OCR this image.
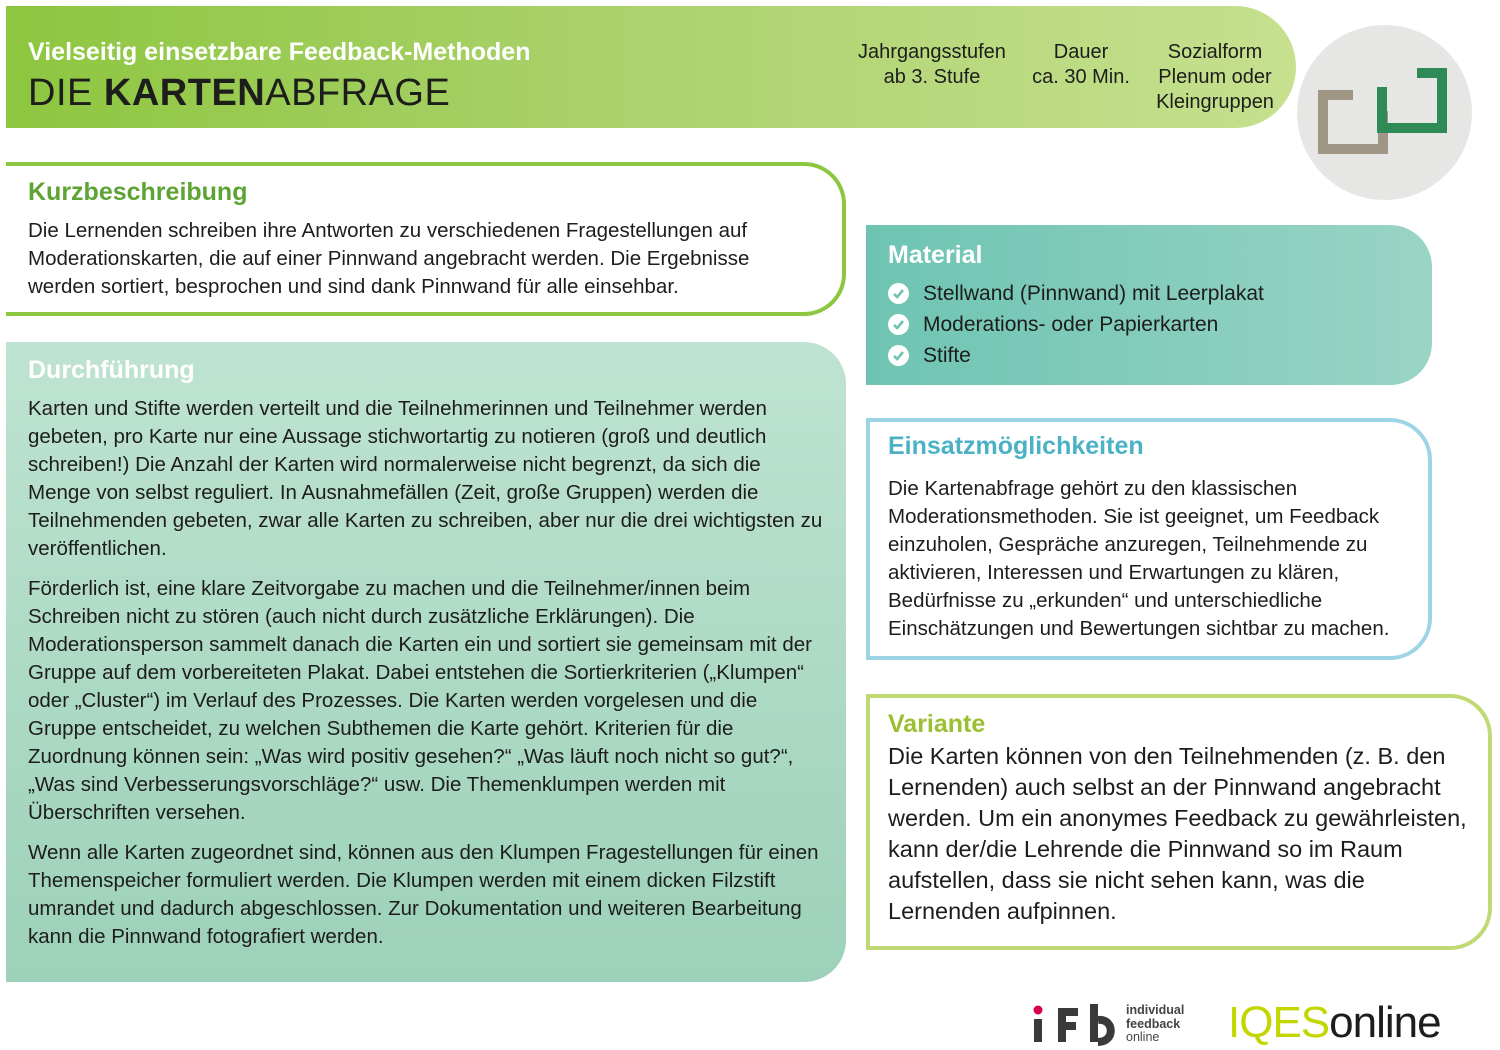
Vielseitig einsetzbare Feedback-Methoden
DIE KARTENABFRAGE
Jahrgangsstufen
ab 3. Stufe
Dauer
ca. 30 Min.
Sozialform
Plenum oder
Kleingruppen
Kurzbeschreibung

Die Lernenden schreiben ihre Antworten zu verschiedenen Fragestellungen auf Moderationskarten, die auf einer Pinnwand angebracht werden. Die Ergebnisse werden sortiert, besprochen und sind dank Pinnwand für alle einsehbar.

Durchführung

Karten und Stifte werden verteilt und die Teilnehmerinnen und Teilnehmer werden gebeten, pro Karte nur eine Aussage stichwortartig zu notieren (groß und deutlich schreiben!) Die Anzahl der Karten wird normalerweise nicht begrenzt, da sich die Menge von selbst reguliert. In Ausnahmefällen (Zeit, große Gruppen) werden die Teilnehmenden gebeten, zwar alle Karten zu schreiben, aber nur die drei wichtigsten zu veröffentlichen.

Förderlich ist, eine klare Zeitvorgabe zu machen und die Teilnehmer/innen beim Schreiben nicht zu stören (auch nicht durch zusätzliche Erklärungen). Die Moderationsperson sammelt danach die Karten ein und sortiert sie gemeinsam mit der Gruppe auf dem vorbereiteten Plakat. Dabei entstehen die Sortierkriterien („Klumpen“ oder „Cluster“) im Verlauf des Prozesses. Die Karten werden vorgelesen und die Gruppe entscheidet, zu welchen Subthemen die Karte gehört. Kriterien für die Zuordnung können sein: „Was wird positiv gesehen?“ „Was läuft noch nicht so gut?“, „Was sind Verbesserungsvorschläge?“ usw. Die Themenklumpen werden mit Überschriften versehen.

Wenn alle Karten zugeordnet sind, können aus den Klumpen Fragestellungen für einen Themenspeicher formuliert werden. Die Klumpen werden mit einem dicken Filzstift umrandet und dadurch abgeschlossen. Zur Dokumentation und weiteren Bearbeitung kann die Pinnwand fotografiert werden.

Material
Stellwand (Pinnwand) mit Leerplakat
Moderations- oder Papierkarten
Stifte
Einsatzmöglichkeiten

Die Kartenabfrage gehört zu den klassischen Moderationsmethoden. Sie ist geeignet, um Feedback einzuholen, Gespräche anzuregen, Teilnehmende zu aktivieren, Interessen und Erwartungen zu klären, Bedürfnisse zu „erkunden“ und unterschiedliche Einschätzungen und Bewertungen sichtbar zu machen.

Variante

Die Karten können von den Teilnehmenden (z. B. den Lernenden) auch selbst an der Pinnwand angebracht werden. Um ein anonymes Feedback zu gewährleisten, kann der/die Lehrende die Pinnwand so im Raum aufstellen, dass sie nicht sehen kann, was die Lernenden aufpinnen.

individual
feedback
online	IQESonline
